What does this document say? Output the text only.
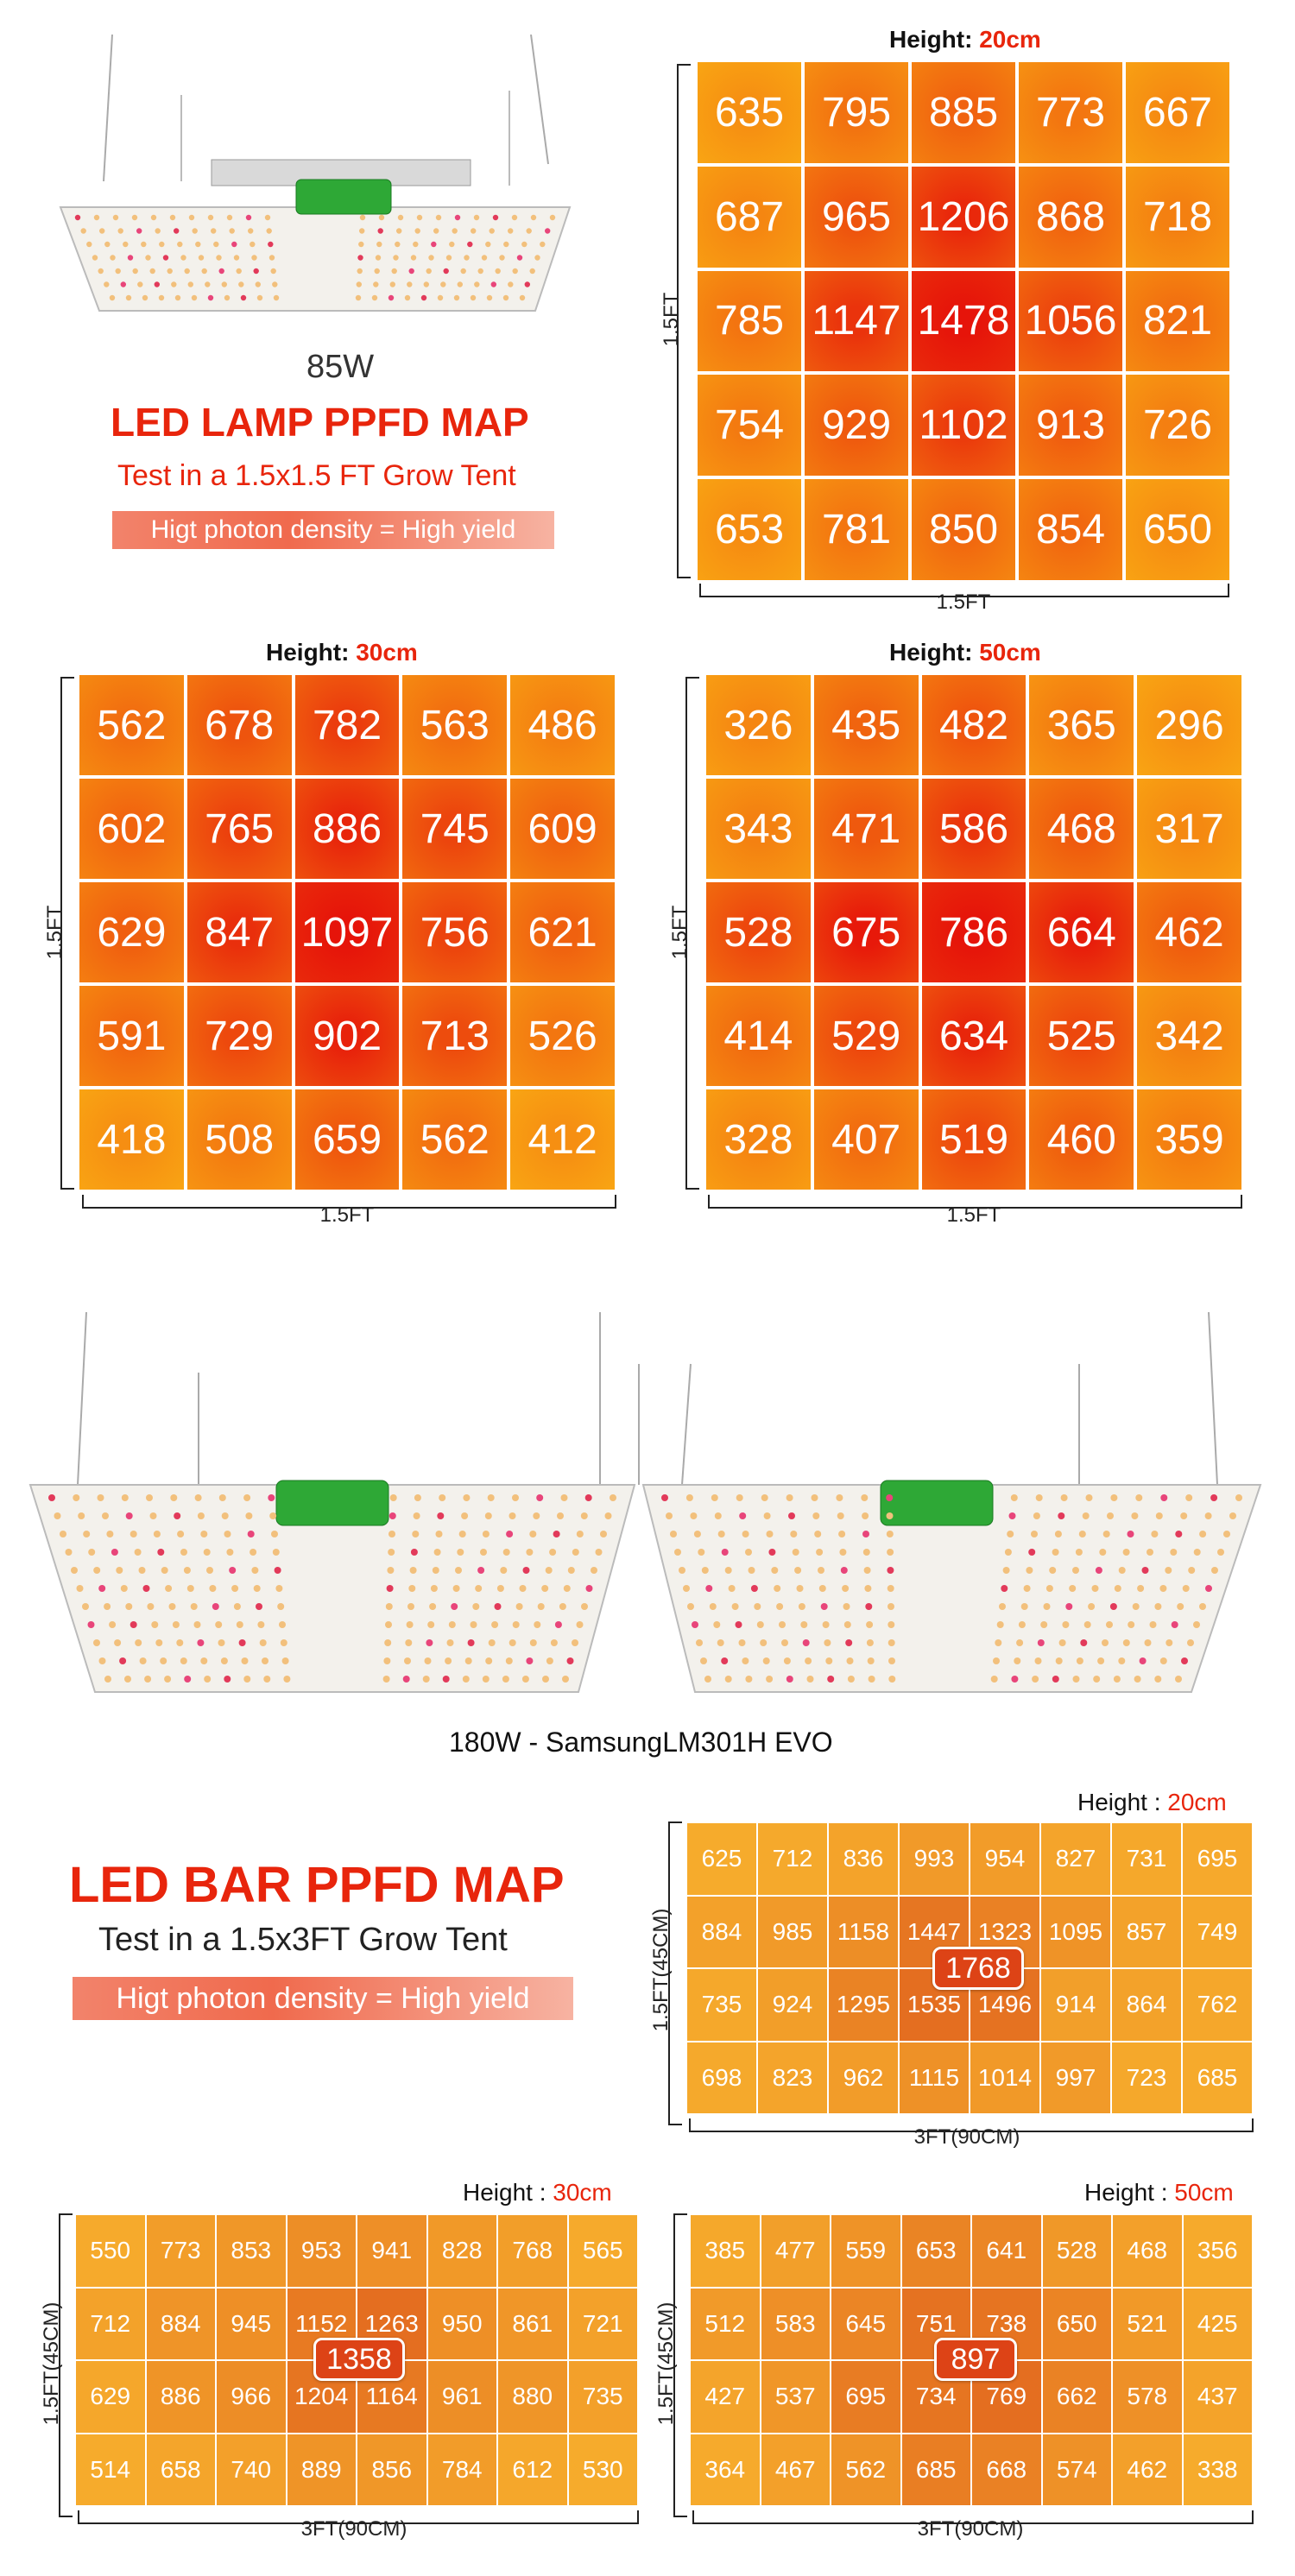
85W
LED LAMP PPFD MAP
Test in a 1.5x1.5 FT Grow Tent
Higt photon density = High yield
Height: 20cm
1.5FT
635 795 885 773 667
687 965 1206 868 718
785 1147 1478 1056 821
754 929 1102 913 726
653 781 850 854 650
1.5FT
Height: 30cm
1.5FT
562 678 782 563 486
602 765 886 745 609
629 847 1097 756 621
591 729 902 713 526
418 508 659 562 412
1.5FT
Height: 50cm
1.5FT
326 435 482 365 296
343 471 586 468 317
528 675 786 664 462
414 529 634 525 342
328 407 519 460 359
1.5FT
180W - SamsungLM301H EVO
LED BAR PPFD MAP
Test in a 1.5x3FT Grow Tent
Higt photon density = High yield
Height : 20cm
1.5FT(45CM)
625	712	836	993	954	827	731	695
884	985	1158 1447 1323 1095 857	749
735	924 1295 1535 1496 914	864	762
698	823	962	1115 1014 997	723	685
3FT(90CM)
1768
Height : 30cm
1.5FT(45CM)
550	773	853	953	941	828	768	565
712	884	945	1152 1263 950	861	721
629	886	966 1204 1164	961	880	735
514	658	740	889	856	784	612	530
3FT(90CM)
1358
Height : 50cm
1.5FT(45CM)
385	477	559	653	641	528	468	356
512	583	645	751	738	650	521	425
427	537	695	734	769	662	578	437
364	467	562	685	668	574	462	338
3FT(90CM)
897
